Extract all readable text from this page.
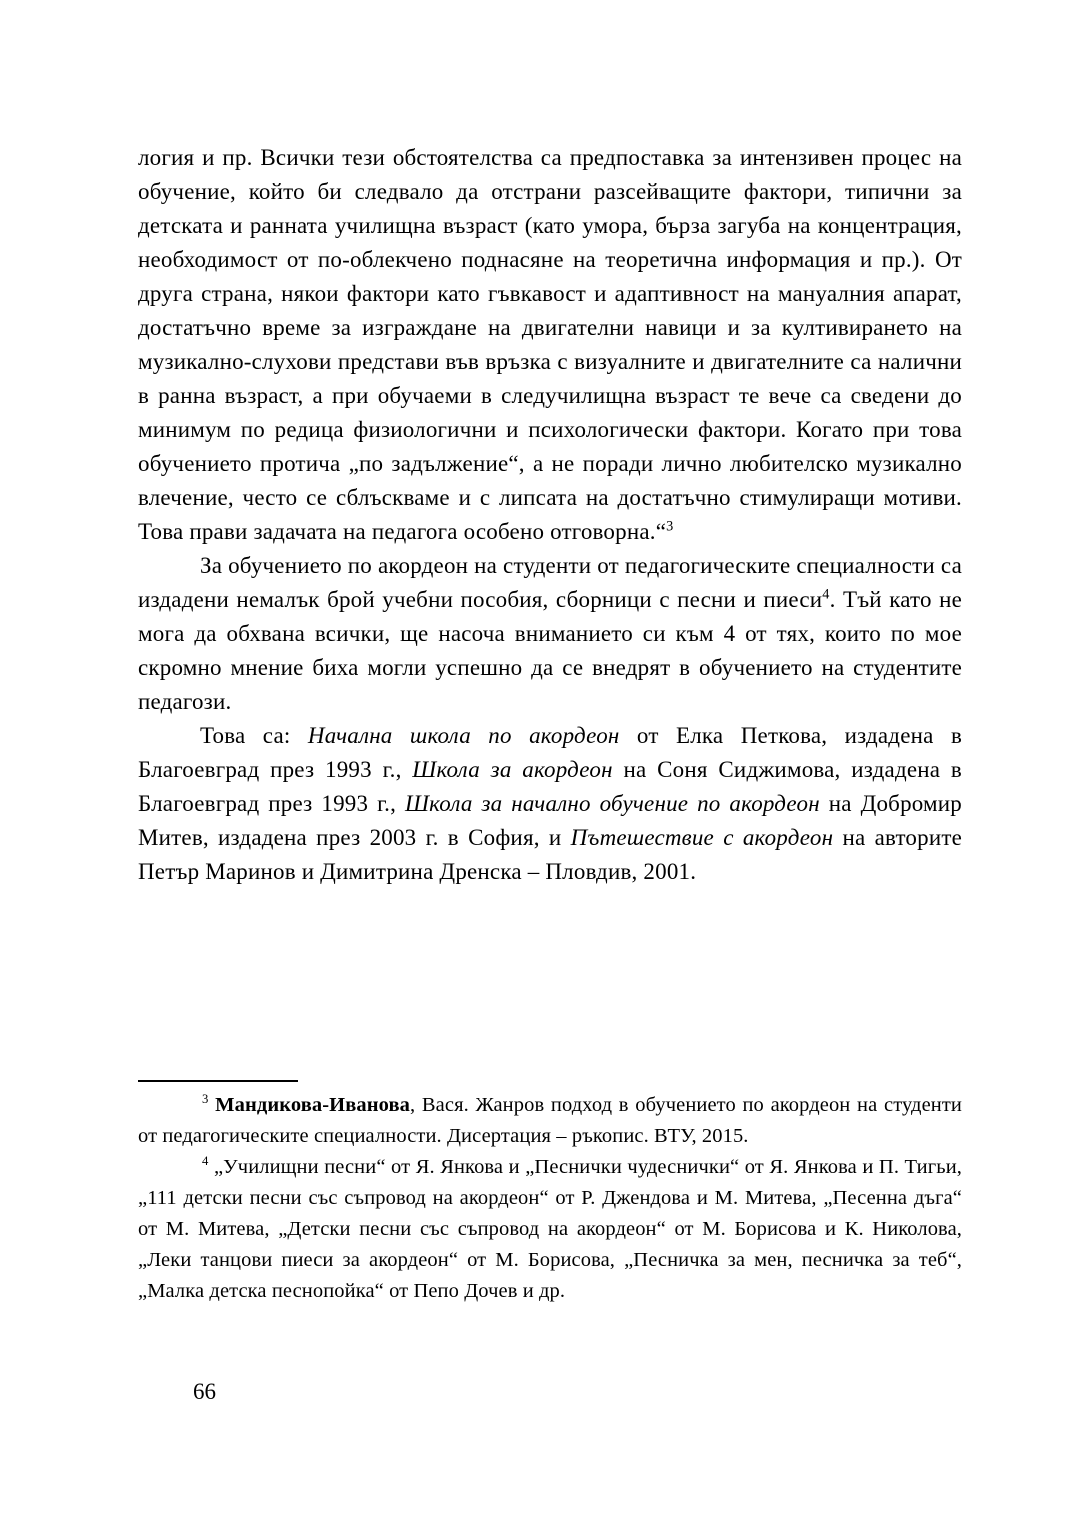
логия и пр. Всички тези обстоятелства са предпоставка за интензивен процес на обучение, който би следвало да отстрани разсейващите фактори, типични за детската и ранната училищна възраст (като умора, бърза загуба на концентрация, необходимост от по-облекчено поднасяне на теоретична информация и пр.). От друга страна, някои фактори като гъвкавост и адаптивност на мануалния апарат, достатъчно време за изграждане на двигателни навици и за култивирането на музикално-слухови представи във връзка с визуалните и двигателните са налични в ранна възраст, а при обучаеми в следучилищна възраст те вече са сведени до минимум по редица физиологични и психологически фактори. Когато при това обучението протича „по задължение“, а не поради лично любителско музикално влечение, често се сблъскваме и с липсата на достатъчно стимулиращи мотиви. Това прави задачата на педагога особено отговорна.“$^3$

За обучението по акордеон на студенти от педагогическите специалности са издадени немалък брой учебни пособия, сборници с песни и пиеси$^4$. Тъй като не мога да обхвана всички, ще насоча вниманието си към 4 от тях, които по мое скромно мнение биха могли успешно да се внедрят в обучението на студентите педагози.

Това са: Начална школа по акордеон от Елка Петкова, издадена в Благоевград през 1993 г., Школа за акордеон на Соня Сиджимова, издадена в Благоевград през 1993 г., Школа за начално обучение по акордеон на Добромир Митев, издадена през 2003 г. в София, и Пътешествие с акордеон на авторите Петър Маринов и Димитрина Дренска – Пловдив, 2001.

$^3$ Мандикова-Иванова, Вася. Жанров подход в обучението по акордеон на студенти от педагогическите специалности. Дисертация – ръкопис. ВТУ, 2015.

$^4$ „Училищни песни“ от Я. Янкова и „Песнички чудеснички“ от Я. Янкова и П. Тигьи, „111 детски песни със съпровод на акордеон“ от Р. Джендова и М. Митева, „Песенна дъга“ от М. Митева, „Детски песни със съпровод на акордеон“ от М. Борисова и К. Николова, „Леки танцови пиеси за акордеон“ от М. Борисова, „Песничка за мен, песничка за теб“, „Малка детска песнопойка“ от Пепо Дочев и др.

66
